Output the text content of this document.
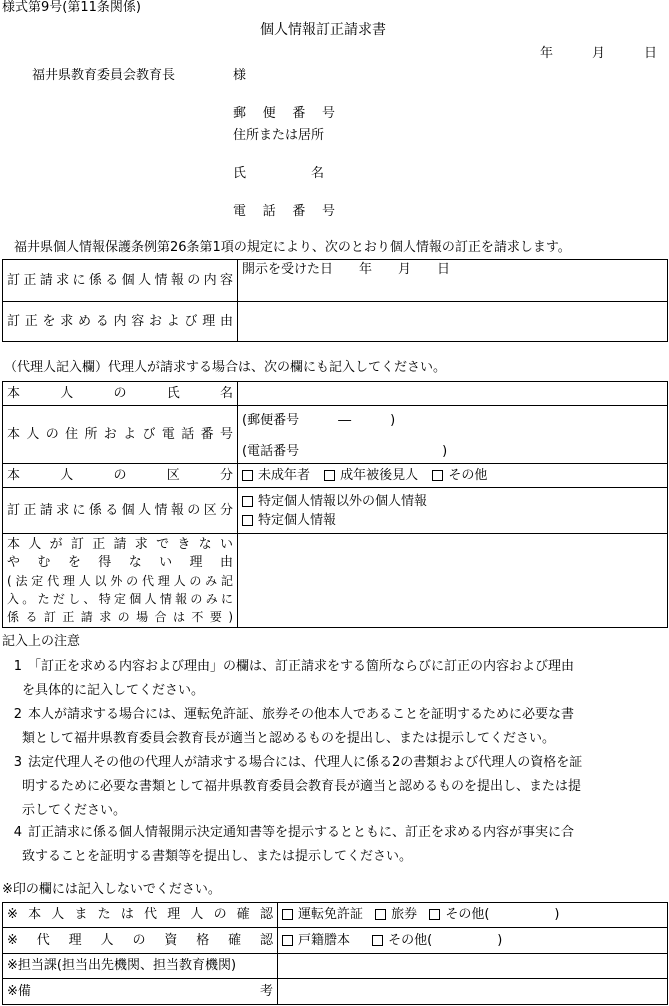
様式第9号(第11条関係)
個人情報訂正請求書
年　　　月　　　日
福井県教育委員会教育長	様
郵便番号
住所または居所
氏　　　　　名
電話番号
福井県個人情報保護条例第26条第1項の規定により、次のとおり個人情報の訂正を請求します。
訂正請求に係る個人情報の内容	開示を受けた日　　年　　月　　日

訂正を求める内容および理由	

（代理人記入欄）代理人が請求する場合は、次の欄にも記入してください。
本人の氏名	

本人の住所および電話番号	(郵便番号　　　―　　　)
(電話番号　　　　　　　　　　　)

本人の区分	未成年者 成年被後見人 その他

訂正請求に係る個人情報の区分	特定個人情報以外の個人情報
特定個人情報

本人が訂正請求できない
やむを得ない理由
(法定代理人以外の代理人のみ記
入。ただし、特定個人情報のみに
係る訂正請求の場合は不要)	

記入上の注意
1 「訂正を求める内容および理由」の欄は、訂正請求をする箇所ならびに訂正の内容および理由
を具体的に記入してください。
2 本人が請求する場合には、運転免許証、旅券その他本人であることを証明するために必要な書
類として福井県教育委員会教育長が適当と認めるものを提出し、または提示してください。
3 法定代理人その他の代理人が請求する場合には、代理人に係る2の書類および代理人の資格を証
明するために必要な書類として福井県教育委員会教育長が適当と認めるものを提出し、または提
示してください。
4 訂正請求に係る個人情報開示決定通知書等を提示するとともに、訂正を求める内容が事実に合
致することを証明する書類等を提出し、または提示してください。
※印の欄には記入しないでください。
※本人または代理人の確認	運転免許証 旅券 その他(　　　　　)

※代理人の資格確認	戸籍謄本 その他(　　　　　)
※担当課(担当出先機関、担当教育機関)	

※備 考	
